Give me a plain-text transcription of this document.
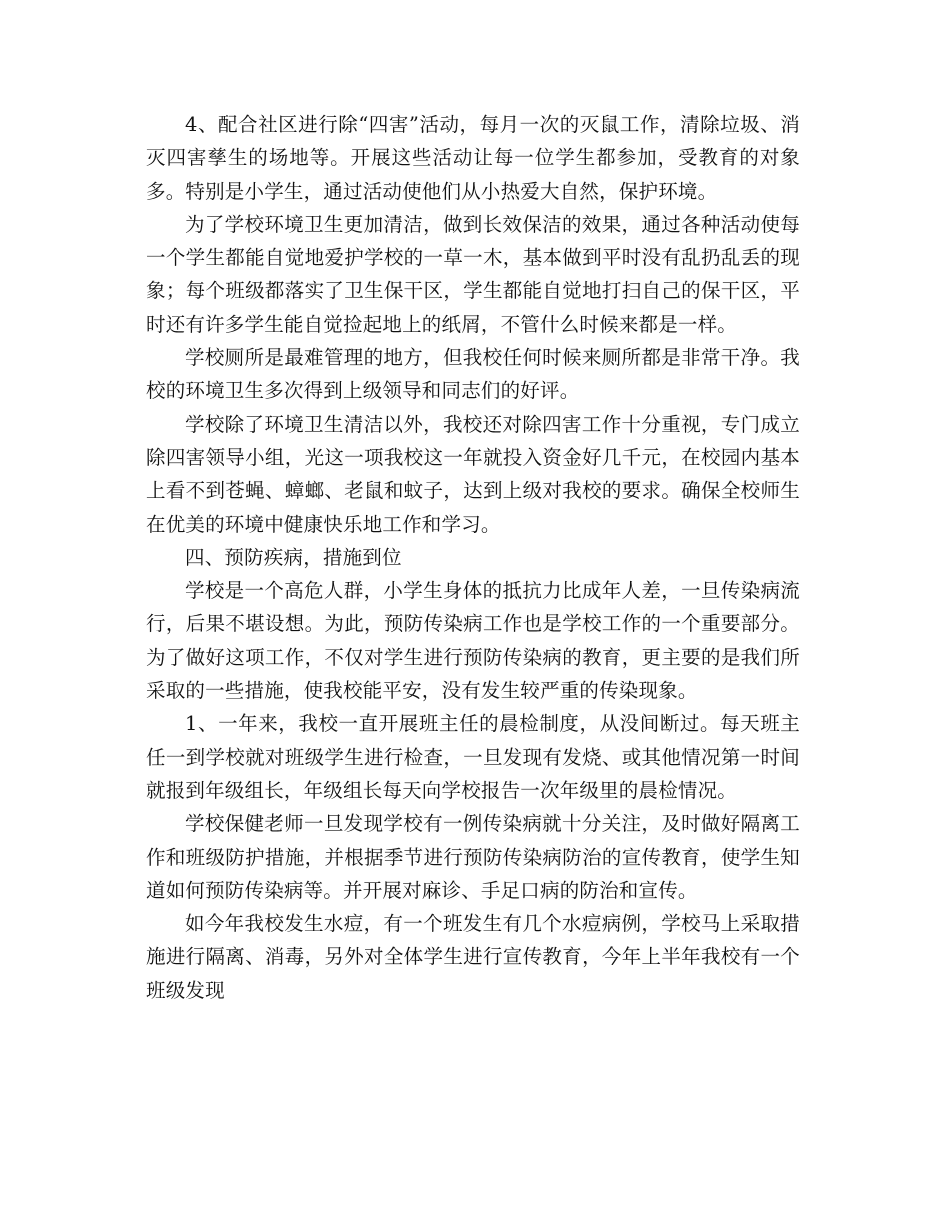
4、配合社区进行除“四害”活动，每月一次的灭鼠工作，清除垃圾、消灭四害孳生的场地等。开展这些活动让每一位学生都参加，受教育的对象多。特别是小学生，通过活动使他们从小热爱大自然，保护环境。

为了学校环境卫生更加清洁，做到长效保洁的效果，通过各种活动使每一个学生都能自觉地爱护学校的一草一木，基本做到平时没有乱扔乱丢的现象；每个班级都落实了卫生保干区，学生都能自觉地打扫自己的保干区，平时还有许多学生能自觉捡起地上的纸屑，不管什么时候来都是一样。

学校厕所是最难管理的地方，但我校任何时候来厕所都是非常干净。我校的环境卫生多次得到上级领导和同志们的好评。

学校除了环境卫生清洁以外，我校还对除四害工作十分重视，专门成立除四害领导小组，光这一项我校这一年就投入资金好几千元，在校园内基本上看不到苍蝇、蟑螂、老鼠和蚊子，达到上级对我校的要求。确保全校师生在优美的环境中健康快乐地工作和学习。

四、预防疾病，措施到位

学校是一个高危人群，小学生身体的抵抗力比成年人差，一旦传染病流行，后果不堪设想。为此，预防传染病工作也是学校工作的一个重要部分。为了做好这项工作，不仅对学生进行预防传染病的教育，更主要的是我们所采取的一些措施，使我校能平安，没有发生较严重的传染现象。

1、一年来，我校一直开展班主任的晨检制度，从没间断过。每天班主任一到学校就对班级学生进行检查，一旦发现有发烧、或其他情况第一时间就报到年级组长，年级组长每天向学校报告一次年级里的晨检情况。

学校保健老师一旦发现学校有一例传染病就十分关注，及时做好隔离工作和班级防护措施，并根据季节进行预防传染病防治的宣传教育，使学生知道如何预防传染病等。并开展对麻诊、手足口病的防治和宣传。

如今年我校发生水痘，有一个班发生有几个水痘病例，学校马上采取措施进行隔离、消毒，另外对全体学生进行宣传教育，今年上半年我校有一个班级发现
